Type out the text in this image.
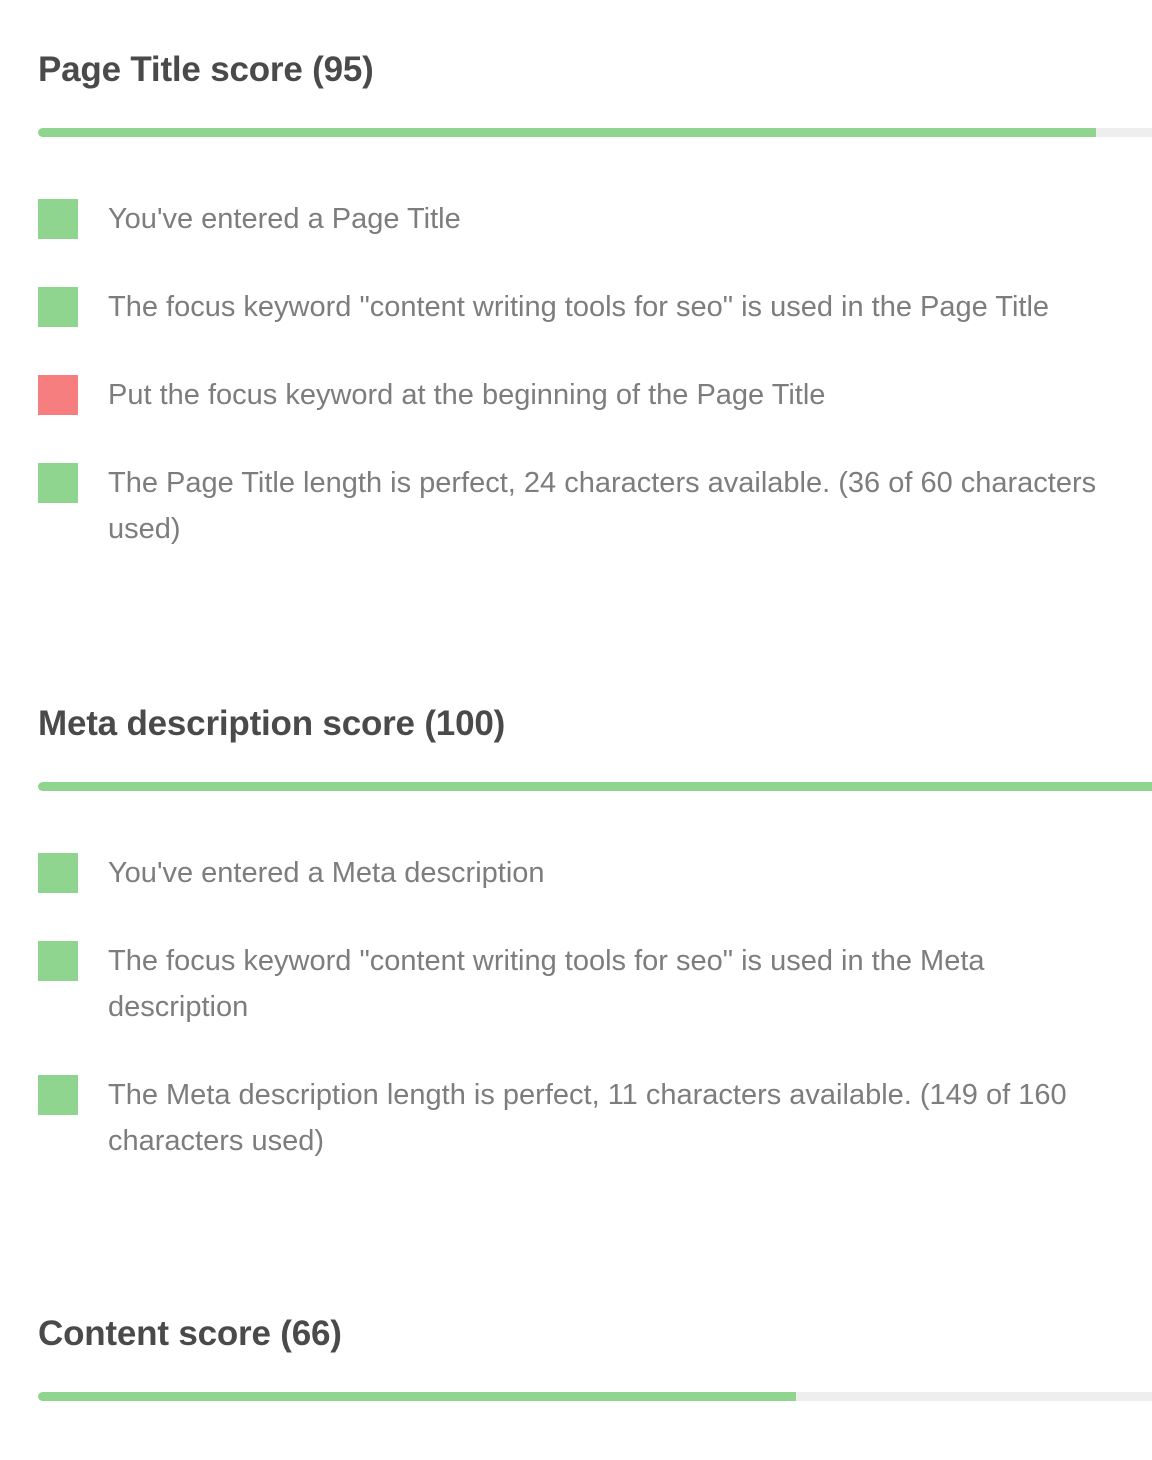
Page Title score (95)
You've entered a Page Title
The focus keyword "content writing tools for seo" is used in the Page Title
Put the focus keyword at the beginning of the Page Title
The Page Title length is perfect, 24 characters available. (36 of 60 characters used)
Meta description score (100)
You've entered a Meta description
The focus keyword "content writing tools for seo" is used in the Meta description
The Meta description length is perfect, 11 characters available. (149 of 160 characters used)
Content score (66)
